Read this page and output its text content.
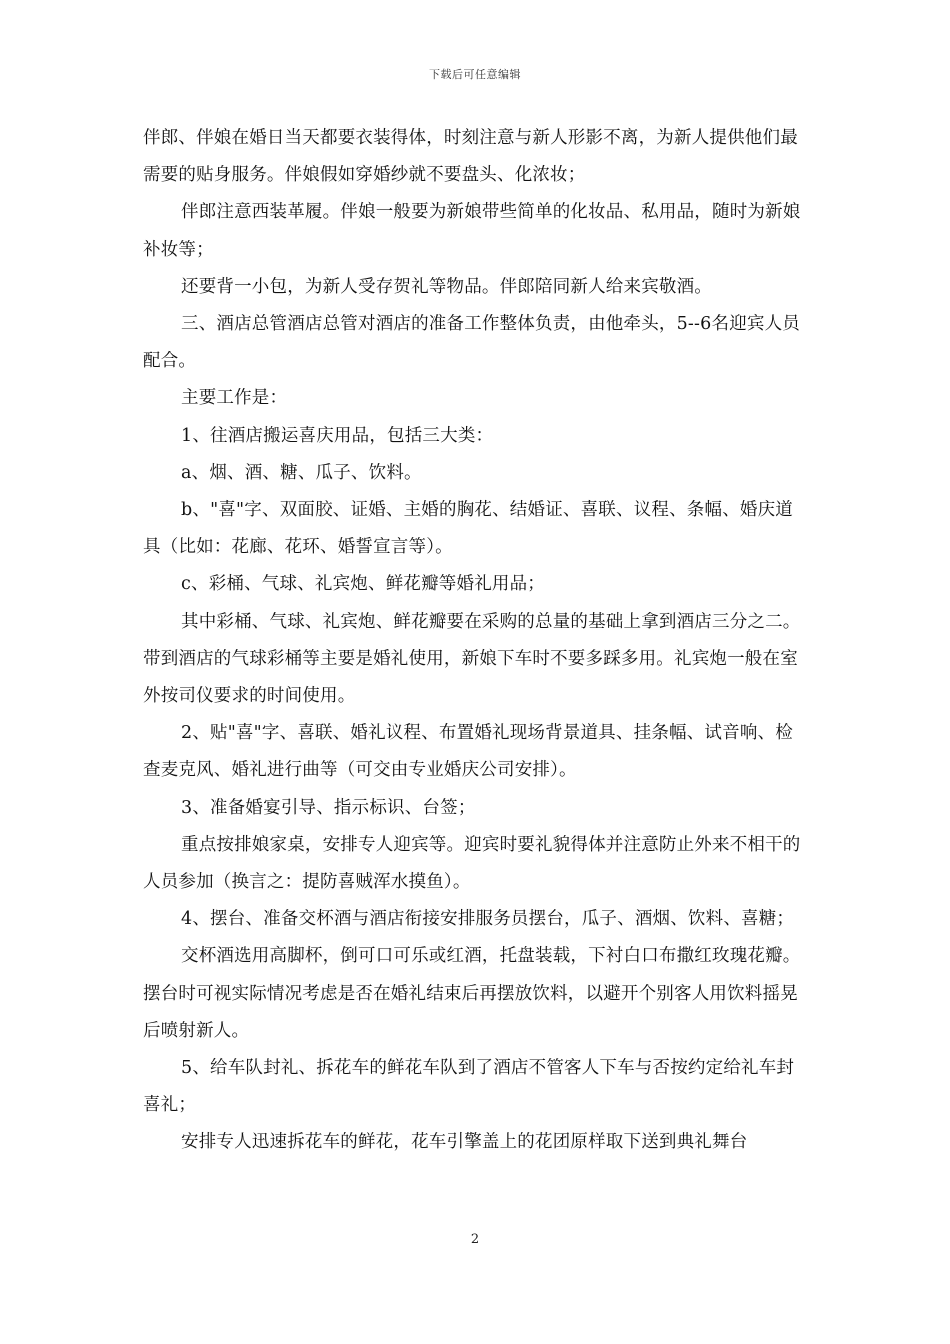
下载后可任意编辑

伴郎、伴娘在婚日当天都要衣装得体，时刻注意与新人形影不离，为新人提供他们最需要的贴身服务。伴娘假如穿婚纱就不要盘头、化浓妆；

伴郎注意西装革履。伴娘一般要为新娘带些简单的化妆品、私用品，随时为新娘补妆等；

还要背一小包，为新人受存贺礼等物品。伴郎陪同新人给来宾敬酒。

三、酒店总管酒店总管对酒店的准备工作整体负责，由他牵头，5--6名迎宾人员配合。

主要工作是：

1、往酒店搬运喜庆用品，包括三大类：

a、烟、酒、糖、瓜子、饮料。

b、"喜"字、双面胶、证婚、主婚的胸花、结婚证、喜联、议程、条幅、婚庆道具（比如：花廊、花环、婚誓宣言等）。

c、彩桶、气球、礼宾炮、鲜花瓣等婚礼用品；

其中彩桶、气球、礼宾炮、鲜花瓣要在采购的总量的基础上拿到酒店三分之二。带到酒店的气球彩桶等主要是婚礼使用，新娘下车时不要多踩多用。礼宾炮一般在室外按司仪要求的时间使用。

2、贴"喜"字、喜联、婚礼议程、布置婚礼现场背景道具、挂条幅、试音响、检查麦克风、婚礼进行曲等（可交由专业婚庆公司安排）。

3、准备婚宴引导、指示标识、台签；

重点按排娘家桌，安排专人迎宾等。迎宾时要礼貌得体并注意防止外来不相干的人员参加（换言之：提防喜贼浑水摸鱼）。

4、摆台、准备交杯酒与酒店衔接安排服务员摆台，瓜子、酒烟、饮料、喜糖；

交杯酒选用高脚杯，倒可口可乐或红酒，托盘装载，下衬白口布撒红玫瑰花瓣。摆台时可视实际情况考虑是否在婚礼结束后再摆放饮料，以避开个别客人用饮料摇晃后喷射新人。

5、给车队封礼、拆花车的鲜花车队到了酒店不管客人下车与否按约定给礼车封喜礼；

安排专人迅速拆花车的鲜花，花车引擎盖上的花团原样取下送到典礼舞台

2
